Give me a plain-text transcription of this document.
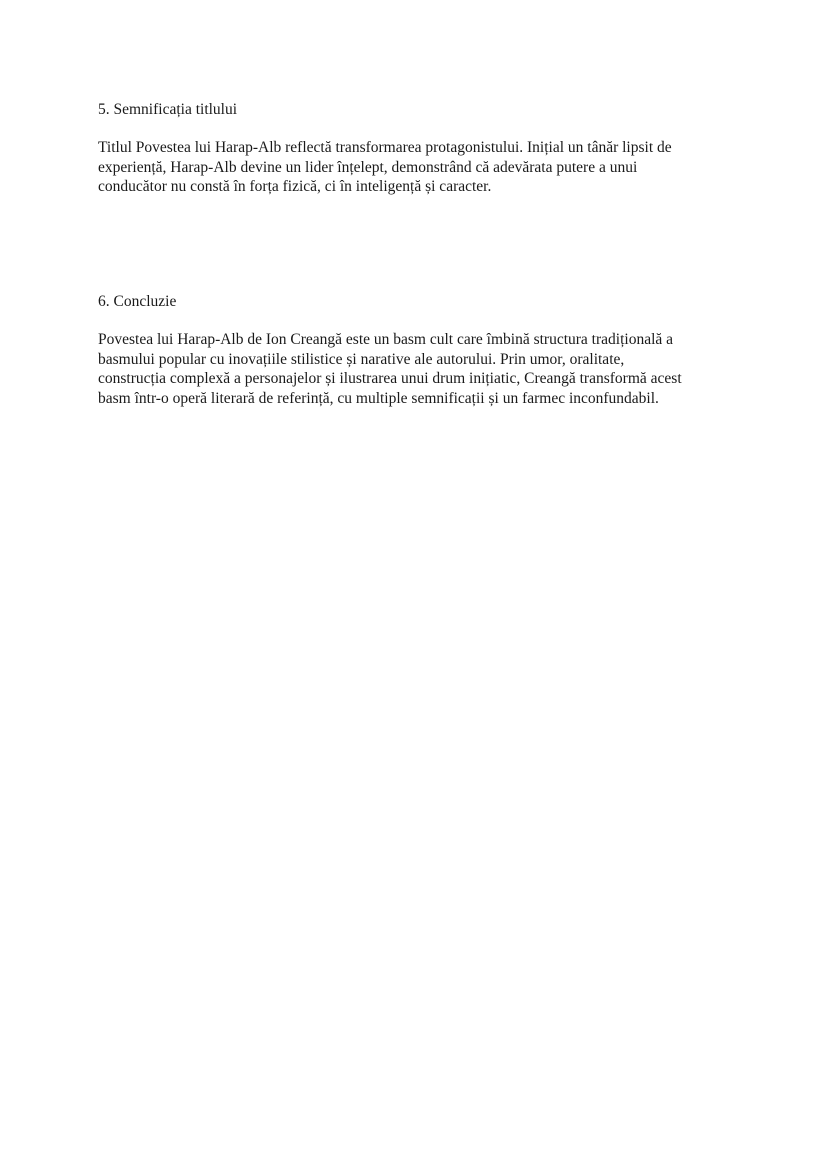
5. Semnificația titlului

Titlul Povestea lui Harap-Alb reflectă transformarea protagonistului. Inițial un tânăr lipsit de
experiență, Harap-Alb devine un lider înțelept, demonstrând că adevărata putere a unui
conducător nu constă în forța fizică, ci în inteligență și caracter.

6. Concluzie

Povestea lui Harap-Alb de Ion Creangă este un basm cult care îmbină structura tradițională a
basmului popular cu inovațiile stilistice și narative ale autorului. Prin umor, oralitate,
construcția complexă a personajelor și ilustrarea unui drum inițiatic, Creangă transformă acest
basm într-o operă literară de referință, cu multiple semnificații și un farmec inconfundabil.
